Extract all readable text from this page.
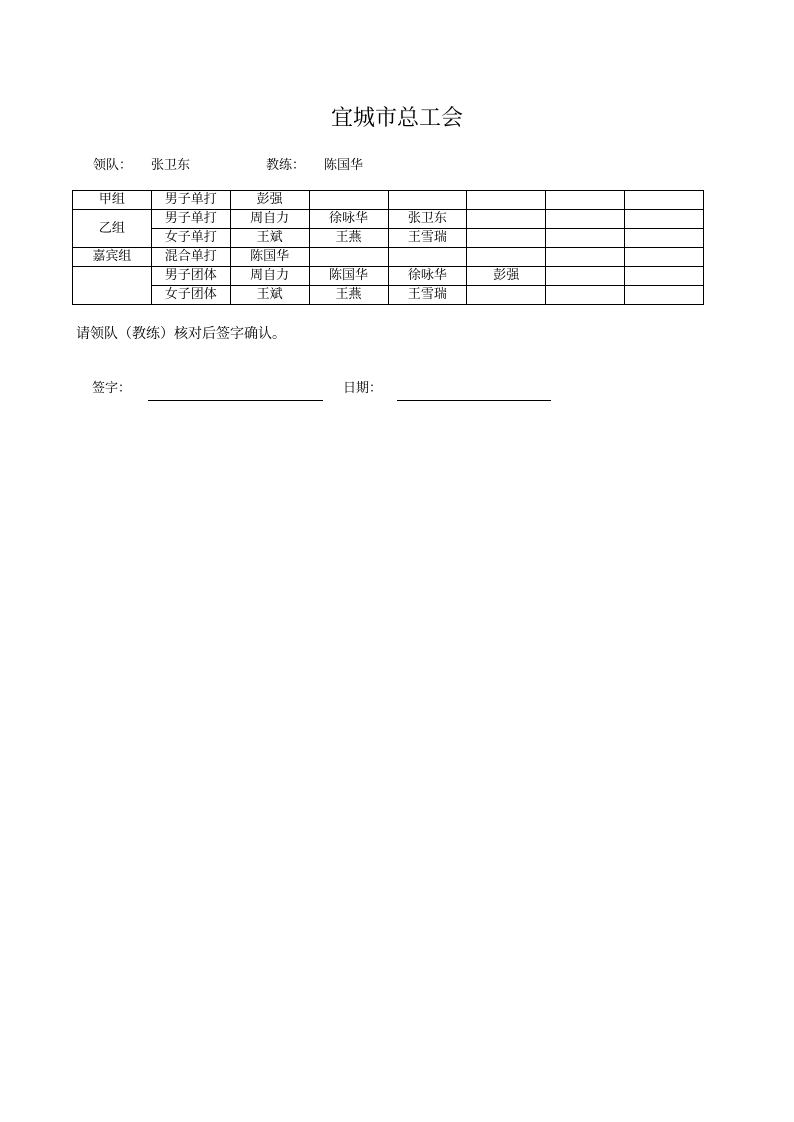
宜城市总工会
领队： 张卫东	教练： 陈国华
甲组	男子单打	彭强					
乙组	男子单打	周自力	徐咏华	张卫东			
	女子单打	王斌	王燕	王雪瑞			
嘉宾组	混合单打	陈国华					
	男子团体	周自力	陈国华	徐咏华	彭强		
	女子团体	王斌	王燕	王雪瑞			
请领队（教练）核对后签字确认。
签字：	日期：
